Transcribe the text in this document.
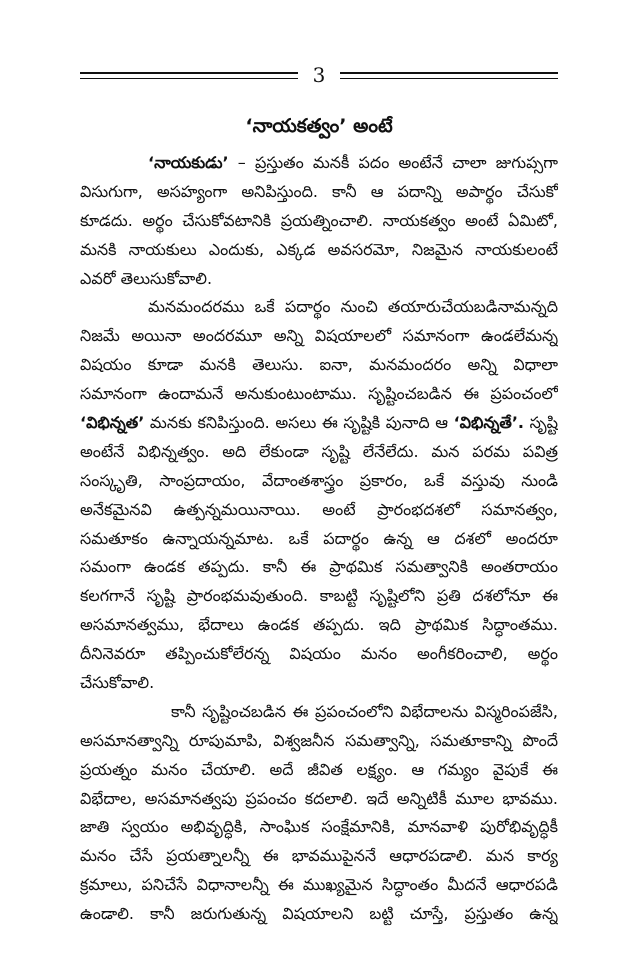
3
‘నాయకత్వం’ అంటే
‘నాయకుడు’ – ప్రస్తుతం మనకీ పదం అంటేనే చాలా జుగుప్సగా
విసుగుగా, అసహ్యంగా అనిపిస్తుంది. కానీ ఆ పదాన్ని అపార్థం చేసుకో
కూడదు. అర్థం చేసుకోవటానికి ప్రయత్నించాలి. నాయకత్వం అంటే ఏమిటో,
మనకి నాయకులు ఎందుకు, ఎక్కడ అవసరమో, నిజమైన నాయకులంటే
ఎవరో తెలుసుకోవాలి.
మనమందరము ఒకే పదార్థం నుంచి తయారుచేయబడినామన్నది
నిజమే అయినా అందరమూ అన్ని విషయాలలో సమానంగా ఉండలేమన్న
విషయం కూడా మనకి తెలుసు. ఐనా, మనమందరం అన్ని విధాలా
సమానంగా ఉందామనే అనుకుంటుంటాము. సృష్టించబడిన ఈ ప్రపంచంలో
‘విభిన్నత’ మనకు కనిపిస్తుంది. అసలు ఈ సృష్టికి పునాది ఆ ‘విభిన్నతే’. సృష్టి
అంటేనే విభిన్నత్వం. అది లేకుండా సృష్టి లేనేలేదు. మన పరమ పవిత్ర
సంస్కృతి, సాంప్రదాయం, వేదాంతశాస్త్రం ప్రకారం, ఒకే వస్తువు నుండి
అనేకమైనవి ఉత్పన్నమయినాయి. అంటే ప్రారంభదశలో సమానత్వం,
సమతూకం ఉన్నాయన్నమాట. ఒకే పదార్థం ఉన్న ఆ దశలో అందరూ
సమంగా ఉండక తప్పదు. కానీ ఈ ప్రాథమిక సమత్వానికి అంతరాయం
కలగగానే సృష్టి ప్రారంభమవుతుంది. కాబట్టి సృష్టిలోని ప్రతి దశలోనూ ఈ
అసమానత్వము, భేదాలు ఉండక తప్పదు. ఇది ప్రాథమిక సిద్ధాంతము.
దీనినెవరూ తప్పించుకోలేరన్న విషయం మనం అంగీకరించాలి, అర్థం
చేసుకోవాలి.
కానీ సృష్టించబడిన ఈ ప్రపంచంలోని విభేదాలను విస్మరింపజేసి,
అసమానత్వాన్ని రూపుమాపి, విశ్వజనీన సమత్వాన్ని, సమతూకాన్ని పొందే
ప్రయత్నం మనం చేయాలి. అదే జీవిత లక్ష్యం. ఆ గమ్యం వైపుకే ఈ
విభేదాల, అసమానత్వపు ప్రపంచం కదలాలి. ఇదే అన్నిటికీ మూల భావము.
జాతి స్వయం అభివృద్ధికి, సాంఘిక సంక్షేమానికి, మానవాళి పురోభివృద్ధికీ
మనం చేసే ప్రయత్నాలన్నీ ఈ భావముపైననే ఆధారపడాలి. మన కార్య
క్రమాలు, పనిచేసే విధానాలన్నీ ఈ ముఖ్యమైన సిద్ధాంతం మీదనే ఆధారపడి
ఉండాలి. కానీ జరుగుతున్న విషయాలని బట్టి చూస్తే, ప్రస్తుతం ఉన్న
